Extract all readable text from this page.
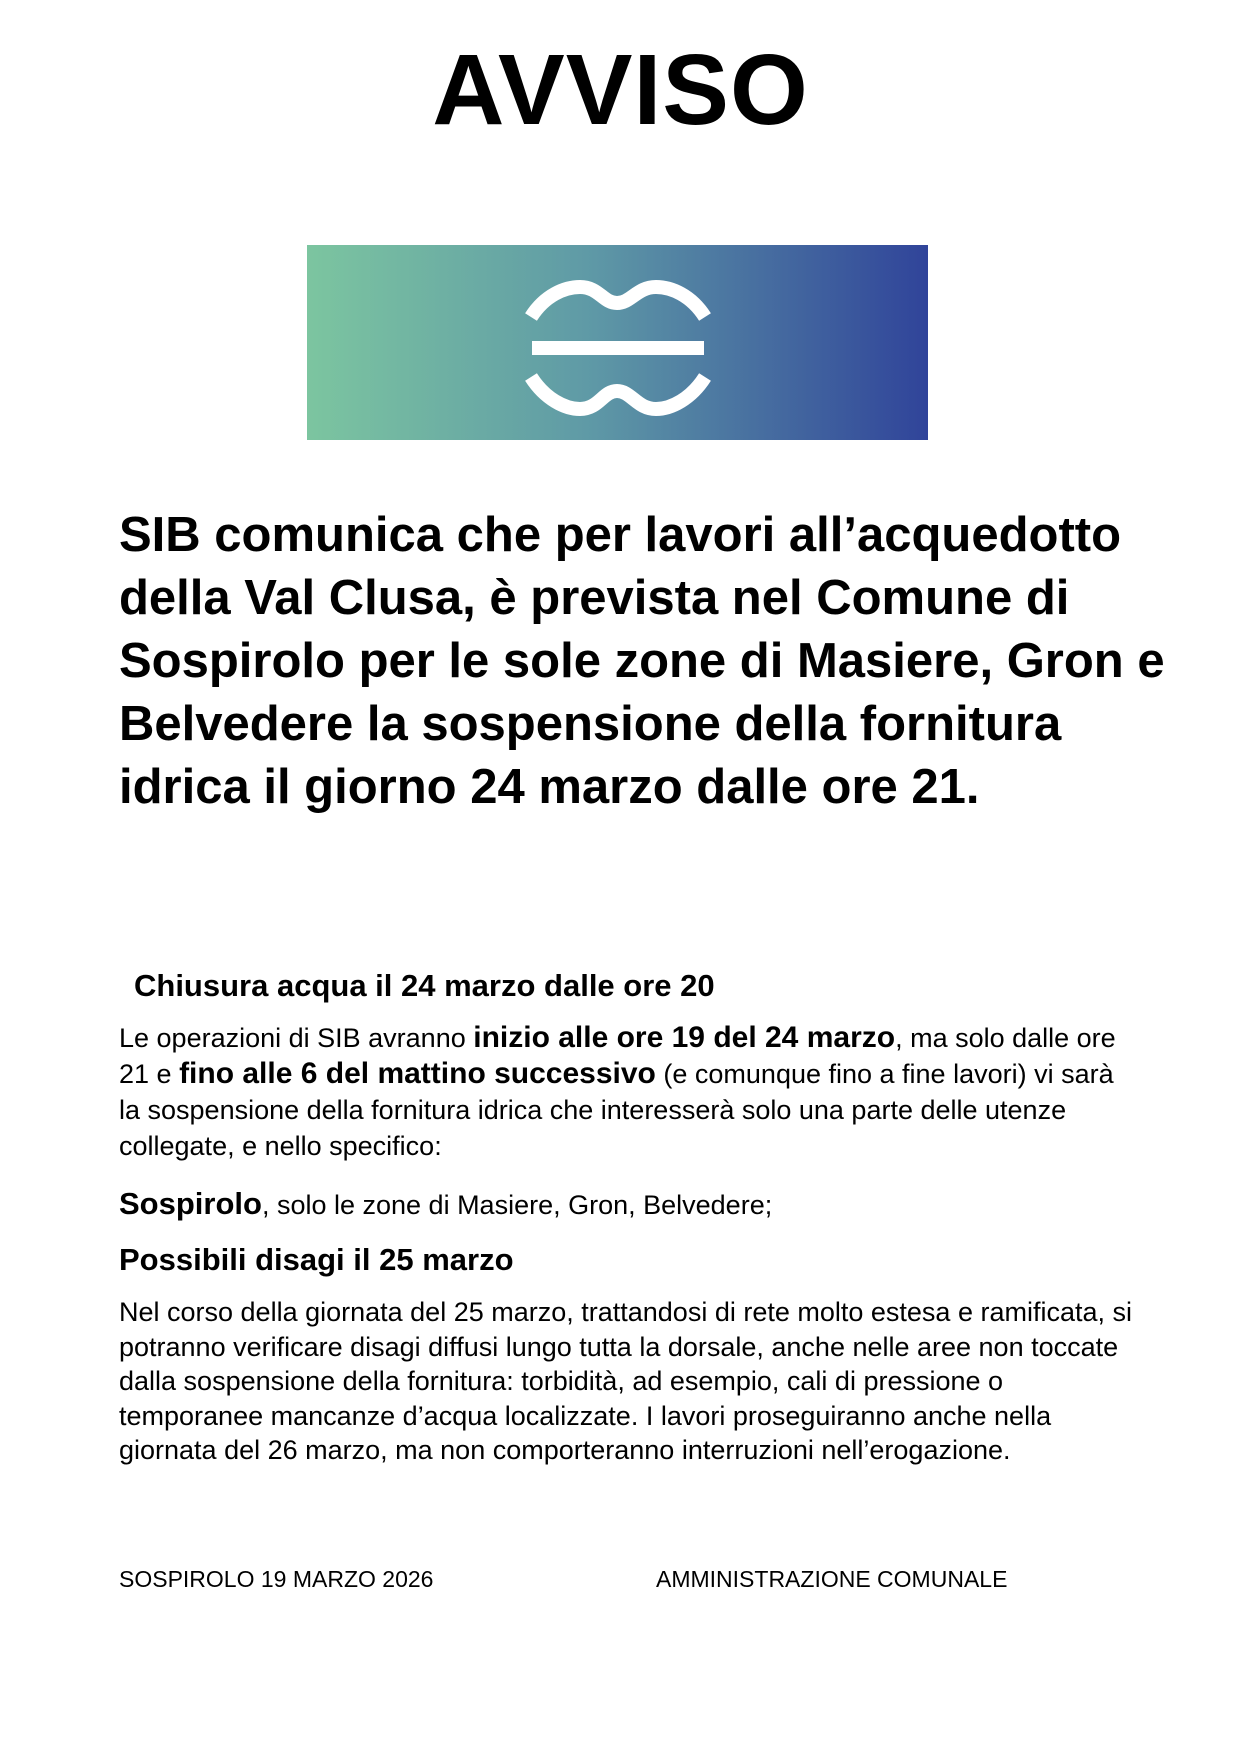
AVVISO
SIB comunica che per lavori all’acquedotto della Val Clusa, è prevista nel Comune di Sospirolo per le sole zone di Masiere, Gron e Belvedere la sospensione della fornitura idrica il giorno 24 marzo dalle ore 21.
Chiusura acqua il 24 marzo dalle ore 20
Le operazioni di SIB avranno inizio alle ore 19 del 24 marzo, ma solo dalle ore 21 e fino alle 6 del mattino successivo (e comunque fino a fine lavori) vi sarà la sospensione della fornitura idrica che interesserà solo una parte delle utenze collegate, e nello specifico:
Sospirolo, solo le zone di Masiere, Gron, Belvedere;
Possibili disagi il 25 marzo
Nel corso della giornata del 25 marzo, trattandosi di rete molto estesa e ramificata, si potranno verificare disagi diffusi lungo tutta la dorsale, anche nelle aree non toccate dalla sospensione della fornitura: torbidità, ad esempio, cali di pressione o temporanee mancanze d’acqua localizzate. I lavori proseguiranno anche nella giornata del 26 marzo, ma non comporteranno interruzioni nell’erogazione.
SOSPIROLO 19 MARZO 2026	AMMINISTRAZIONE COMUNALE
